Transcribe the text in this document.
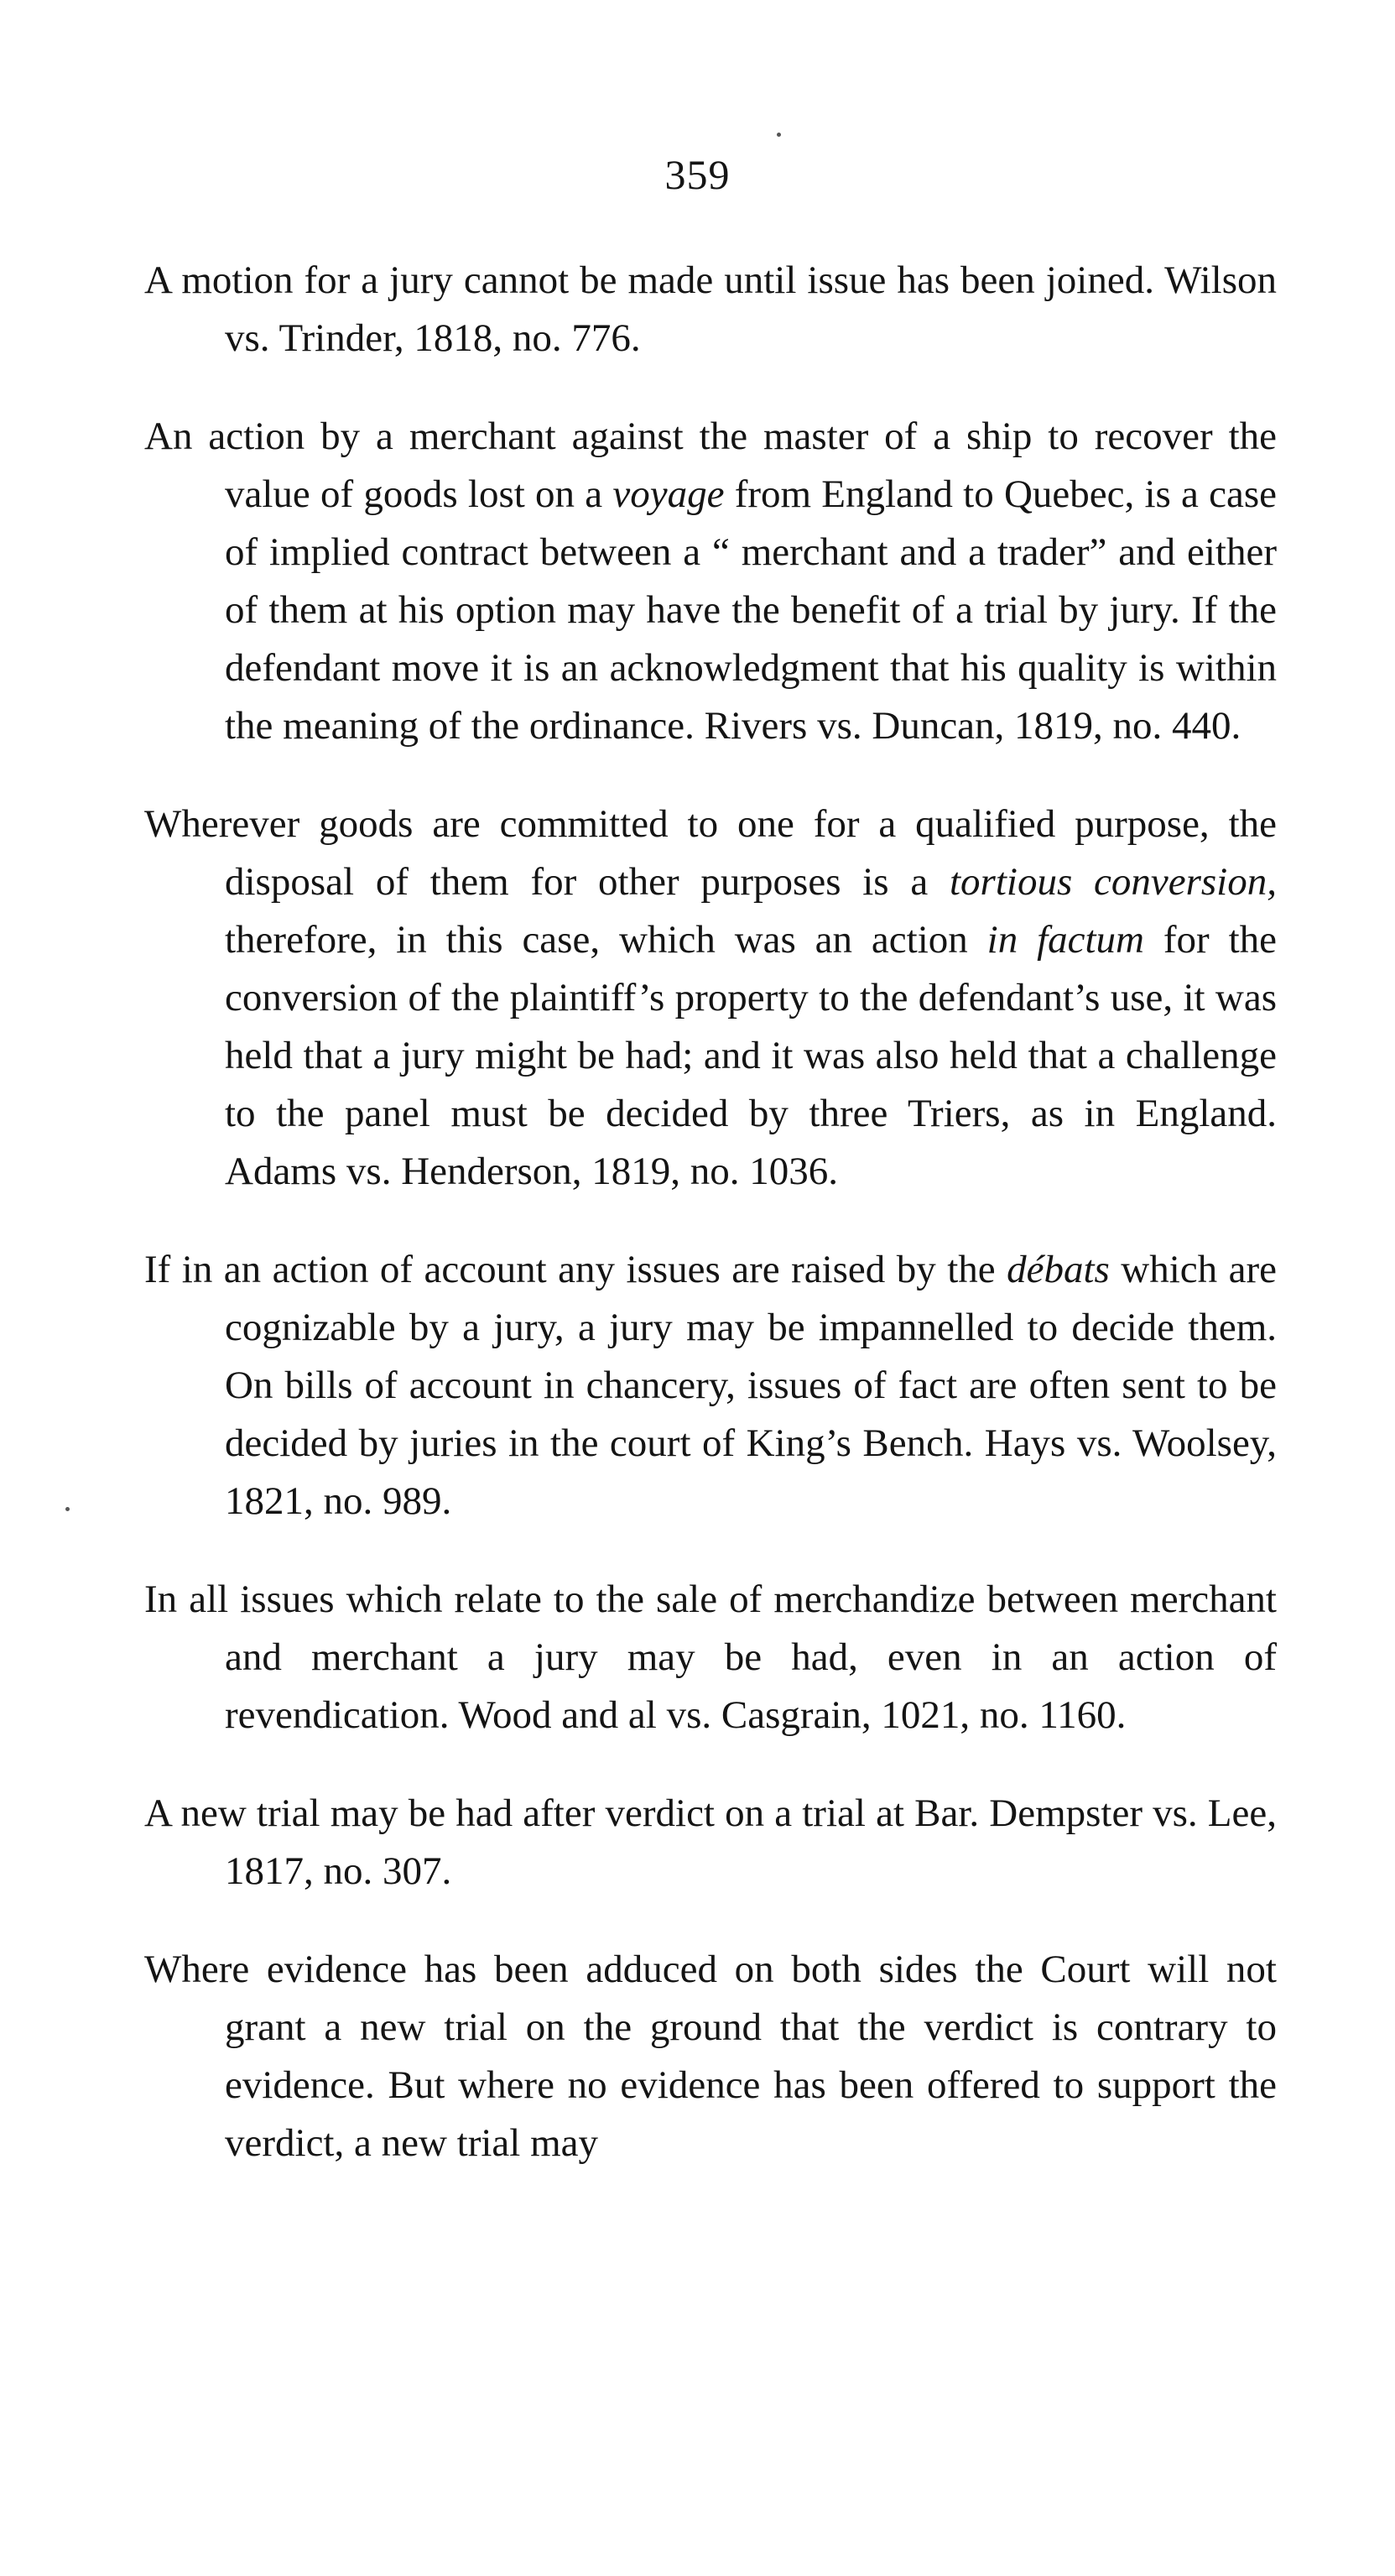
359

A motion for a jury cannot be made until issue has been joined. Wilson vs. Trinder, 1818, no. 776.

An action by a merchant against the master of a ship to recover the value of goods lost on a voyage from England to Quebec, is a case of implied contract between a “ merchant and a trader” and either of them at his option may have the benefit of a trial by jury. If the defendant move it is an acknowledgment that his quality is within the meaning of the ordinance. Rivers vs. Duncan, 1819, no. 440.

Wherever goods are committed to one for a qualified purpose, the disposal of them for other purposes is a tortious conversion, therefore, in this case, which was an action in factum for the conversion of the plaintiff’s property to the defendant’s use, it was held that a jury might be had; and it was also held that a challenge to the panel must be decided by three Triers, as in England. Adams vs. Henderson, 1819, no. 1036.

If in an action of account any issues are raised by the débats which are cognizable by a jury, a jury may be impannelled to decide them. On bills of account in chancery, issues of fact are often sent to be decided by juries in the court of King’s Bench. Hays vs. Woolsey, 1821, no. 989.

In all issues which relate to the sale of merchandize between merchant and merchant a jury may be had, even in an action of revendication. Wood and al vs. Casgrain, 1021, no. 1160.

A new trial may be had after verdict on a trial at Bar. Dempster vs. Lee, 1817, no. 307.

Where evidence has been adduced on both sides the Court will not grant a new trial on the ground that the verdict is contrary to evidence. But where no evidence has been offered to support the verdict, a new trial may
